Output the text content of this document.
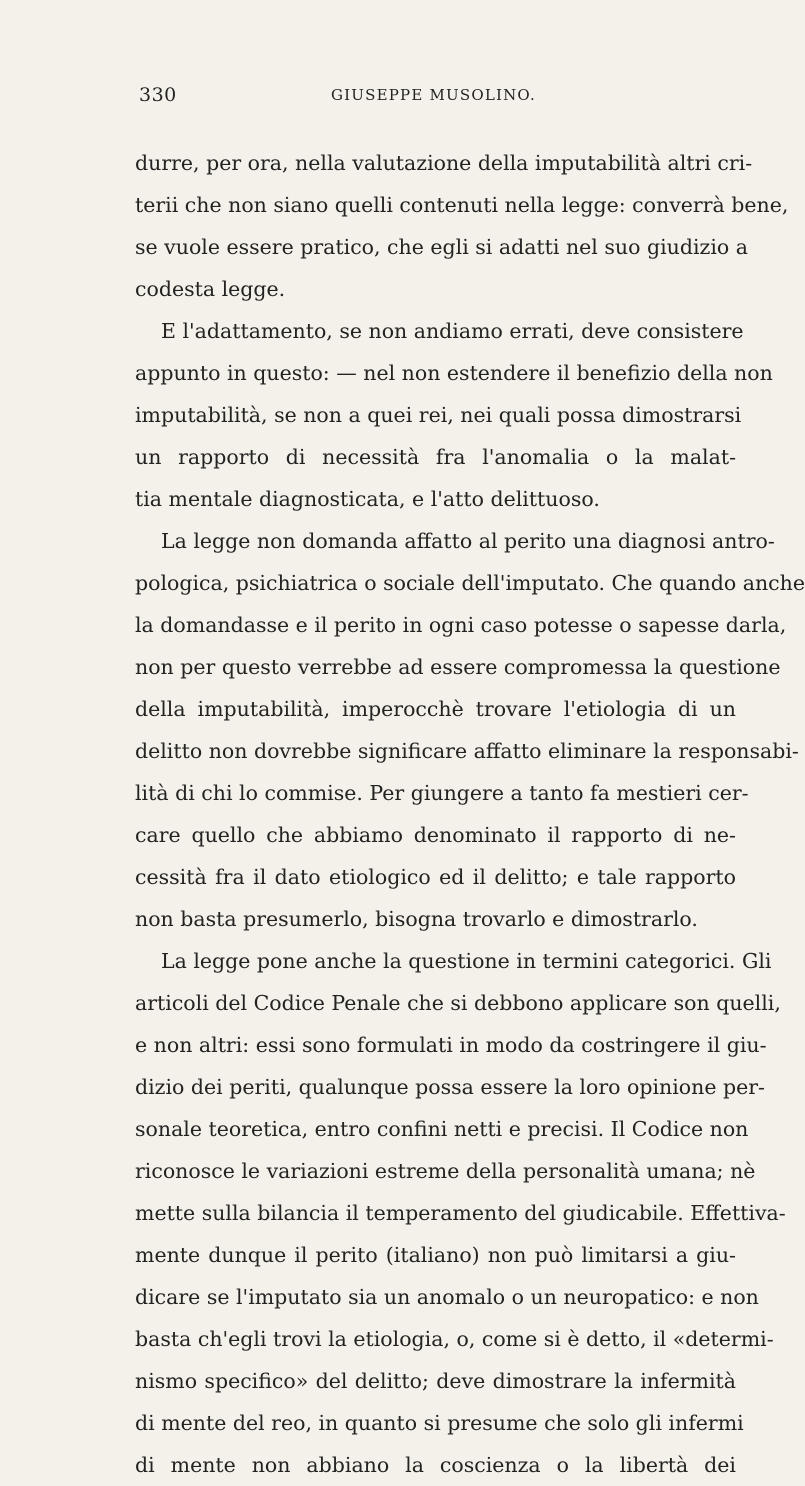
330	GIUSEPPE MUSOLINO.
durre, per ora, nella valutazione della imputabilità altri cri-
terii che non siano quelli contenuti nella legge: converrà bene,
se vuole essere pratico, che egli si adatti nel suo giudizio a
codesta legge.
E l'adattamento, se non andiamo errati, deve consistere
appunto in questo: — nel non estendere il benefizio della non
imputabilità, se non a quei rei, nei quali possa dimostrarsi
un rapporto di necessità fra l'anomalia o la malat-
tia mentale diagnosticata, e l'atto delittuoso.
La legge non domanda affatto al perito una diagnosi antro-
pologica, psichiatrica o sociale dell'imputato. Che quando anche
la domandasse e il perito in ogni caso potesse o sapesse darla,
non per questo verrebbe ad essere compromessa la questione
della imputabilità, imperocchè trovare l'etiologia di un
delitto non dovrebbe significare affatto eliminare la responsabi-
lità di chi lo commise. Per giungere a tanto fa mestieri cer-
care quello che abbiamo denominato il rapporto di ne-
cessità fra il dato etiologico ed il delitto; e tale rapporto
non basta presumerlo, bisogna trovarlo e dimostrarlo.
La legge pone anche la questione in termini categorici. Gli
articoli del Codice Penale che si debbono applicare son quelli,
e non altri: essi sono formulati in modo da costringere il giu-
dizio dei periti, qualunque possa essere la loro opinione per-
sonale teoretica, entro confini netti e precisi. Il Codice non
riconosce le variazioni estreme della personalità umana; nè
mette sulla bilancia il temperamento del giudicabile. Effettiva-
mente dunque il perito (italiano) non può limitarsi a giu-
dicare se l'imputato sia un anomalo o un neuropatico: e non
basta ch'egli trovi la etiologia, o, come si è detto, il «determi-
nismo specifico» del delitto; deve dimostrare la infermità
di mente del reo, in quanto si presume che solo gli infermi
di mente non abbiano la coscienza o la libertà dei
